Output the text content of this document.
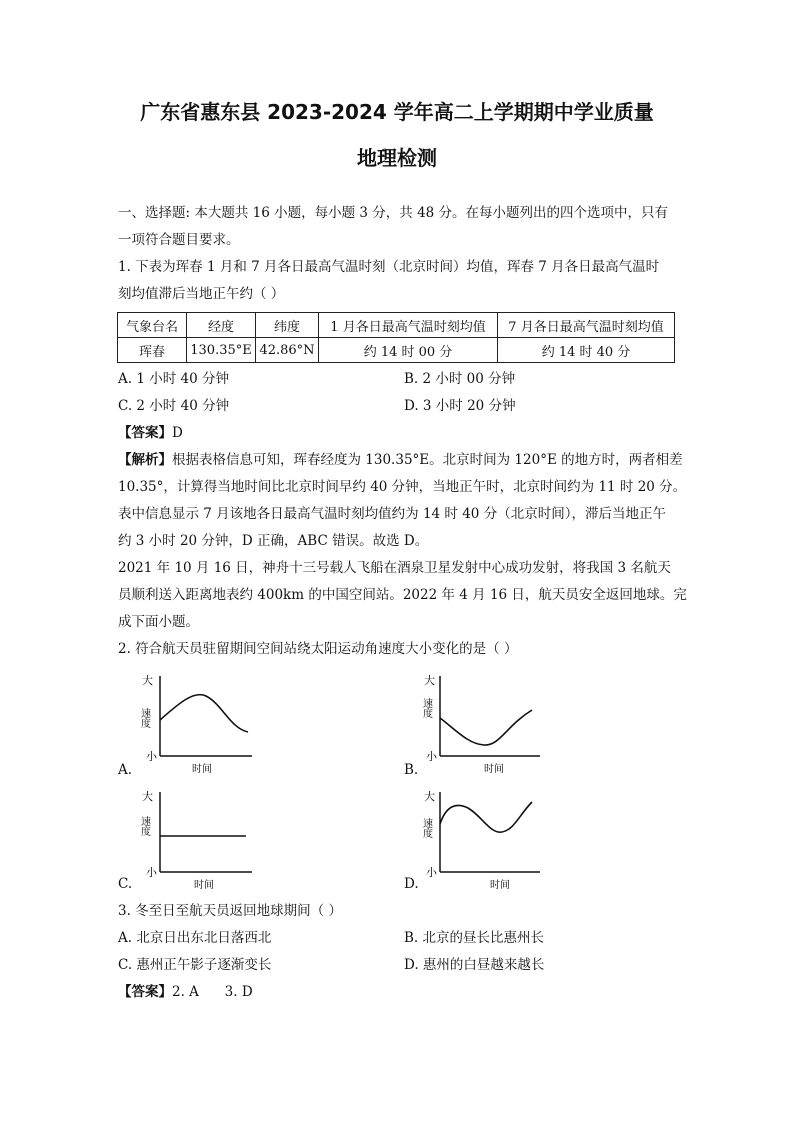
广东省惠东县 2023-2024 学年高二上学期期中学业质量
地理检测
一、选择题: 本大题共 16 小题，每小题 3 分，共 48 分。在每小题列出的四个选项中，只有
一项符合题目要求。
1. 下表为珲春 1 月和 7 月各日最高气温时刻（北京时间）均值，珲春 7 月各日最高气温时
刻均值滞后当地正午约（ ）
气象台名	经度	纬度	1 月各日最高气温时刻均值	7 月各日最高气温时刻均值
珲春	130.35°E	42.86°N	约 14 时 00 分	约 14 时 40 分
A. 1 小时 40 分钟	B. 2 小时 00 分钟
C. 2 小时 40 分钟	D. 3 小时 20 分钟
【答案】D
【解析】根据表格信息可知，珲春经度为 130.35°E。北京时间为 120°E 的地方时，两者相差
10.35°，计算得当地时间比北京时间早约 40 分钟，当地正午时，北京时间约为 11 时 20 分。
表中信息显示 7 月该地各日最高气温时刻均值约为 14 时 40 分（北京时间），滞后当地正午
约 3 小时 20 分钟，D 正确，ABC 错误。故选 D。
2021 年 10 月 16 日，神舟十三号载人飞船在酒泉卫星发射中心成功发射，将我国 3 名航天
员顺利送入距离地表约 400km 的中国空间站。2022 年 4 月 16 日，航天员安全返回地球。完
成下面小题。
2. 符合航天员驻留期间空间站绕太阳运动角速度大小变化的是（ ）
大
小
速度
时间
A.
大
小
速度
时间
B.
大
小
速度
时间
C.
大
小
速度
时间
D.
3. 冬至日至航天员返回地球期间（ ）
A. 北京日出东北日落西北	B. 北京的昼长比惠州长
C. 惠州正午影子逐渐变长	D. 惠州的白昼越来越长
【答案】2. A      3. D
